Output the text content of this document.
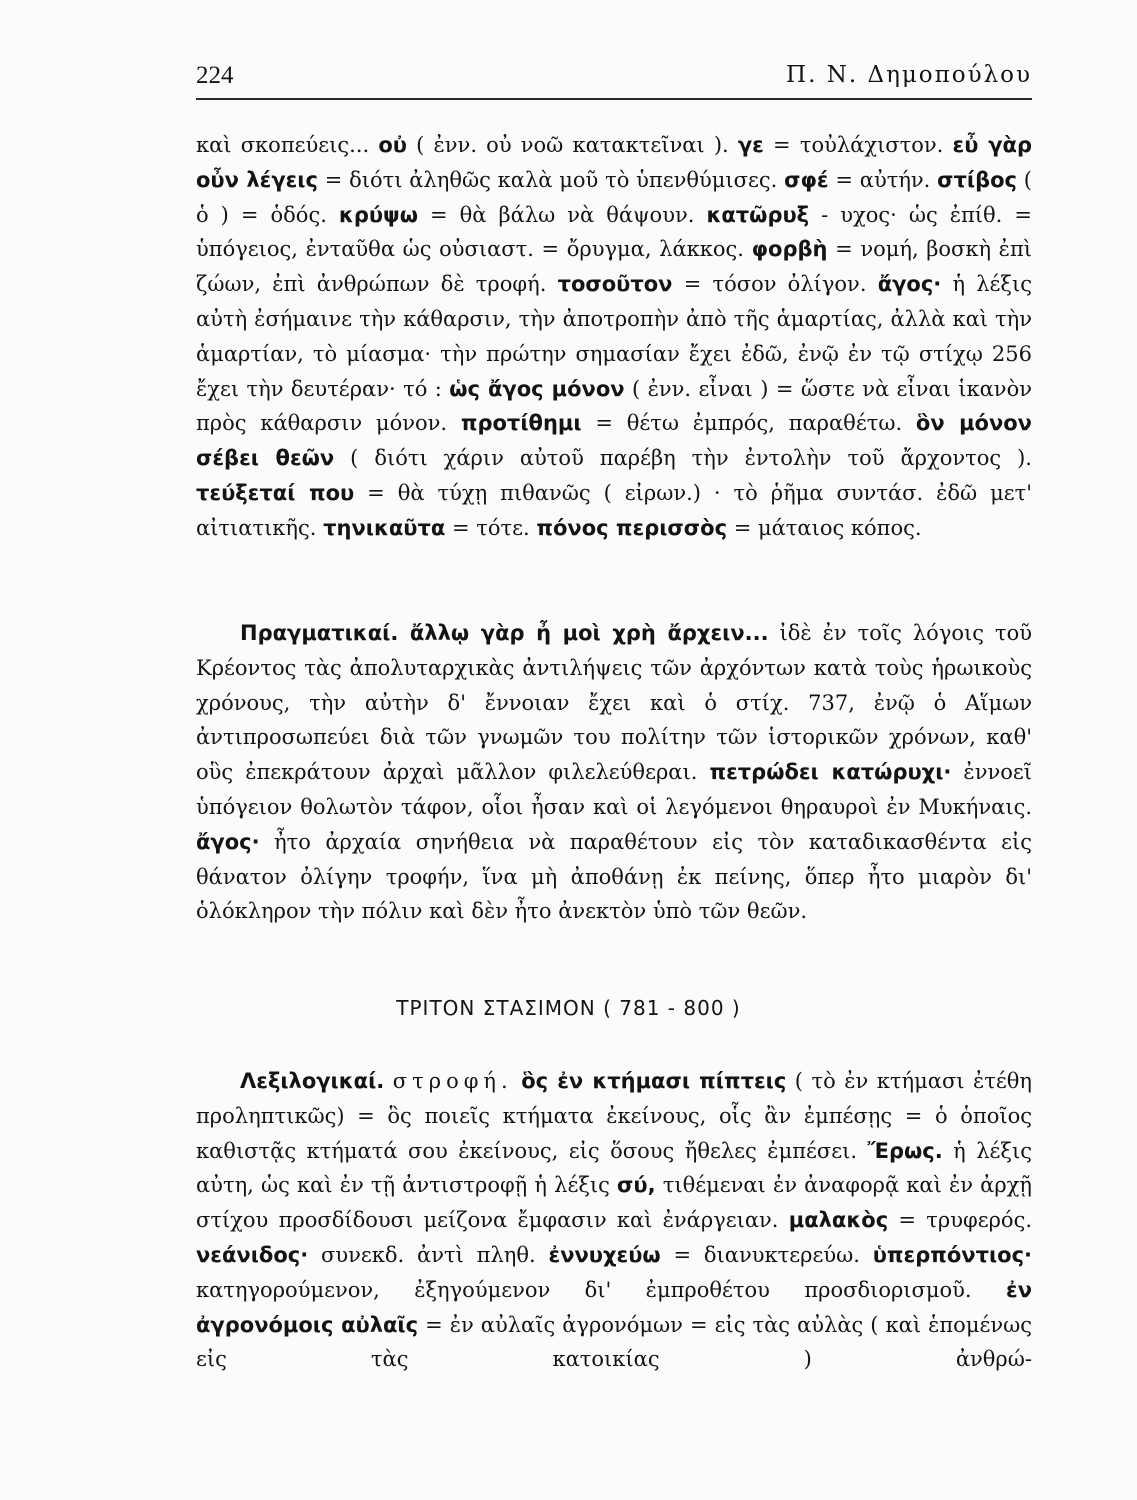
224	Π. Ν. Δημοπούλου

καὶ σκοπεύεις... οὐ ( ἐνν. οὐ νοῶ κατακτεῖναι ). γε = τοὐλάχιστον. εὖ γὰρ οὖν λέγεις = διότι ἀληθῶς καλὰ μοῦ τὸ ὑπενθύμισες. σφέ = αὐτήν. στίβος ( ὁ ) = ὁδός. κρύψω = θὰ βάλω νὰ θάψουν. κατῶρυξ - υχος· ὡς ἐπίθ. = ὑπόγειος, ἐνταῦθα ὡς οὐσιαστ. = ὄρυγμα, λάκκος. φορβὴ = νομή, βοσκὴ ἐπὶ ζώων, ἐπὶ ἀνθρώπων δὲ τροφή. τοσοῦτον = τόσον ὀλίγον. ἄγος· ἡ λέξις αὐτὴ ἐσήμαινε τὴν κάθαρσιν, τὴν ἀποτροπὴν ἀπὸ τῆς ἁμαρτίας, ἀλλὰ καὶ τὴν ἁμαρτίαν, τὸ μίασμα· τὴν πρώτην σημασίαν ἔχει ἐδῶ, ἐνῷ ἐν τῷ στίχῳ 256 ἔχει τὴν δευτέραν· τό : ὡς ἄγος μόνον ( ἐνν. εἶναι ) = ὥστε νὰ εἶναι ἱκανὸν πρὸς κάθαρσιν μόνον. προτίθημι = θέτω ἐμπρός, παραθέτω. ὃν μόνον σέβει θεῶν ( διότι χάριν αὐτοῦ παρέβη τὴν ἐντολὴν τοῦ ἄρχοντος ). τεύξεταί που = θὰ τύχῃ πιθανῶς ( εἰρων.) · τὸ ῥῆμα συντάσ. ἐδῶ μετ' αἰτιατικῆς. τηνικαῦτα = τότε. πόνος περισσὸς = μάταιος κόπος.

Πραγματικαί. ἄλλῳ γὰρ ἦ μοὶ χρὴ ἄρχειν... ἰδὲ ἐν τοῖς λόγοις τοῦ Κρέοντος τὰς ἀπολυταρχικὰς ἀντιλήψεις τῶν ἀρχόντων κατὰ τοὺς ἡρωικοὺς χρόνους, τὴν αὐτὴν δ' ἔννοιαν ἔχει καὶ ὁ στίχ. 737, ἐνῷ ὁ Αἵμων ἀντιπροσωπεύει διὰ τῶν γνωμῶν του πολίτην τῶν ἱστορικῶν χρόνων, καθ' οὓς ἐπεκράτουν ἀρχαὶ μᾶλλον φιλελεύθεραι. πετρώδει κατώρυχι· ἐννοεῖ ὑπόγειον θολωτὸν τάφον, οἷοι ἦσαν καὶ οἱ λεγόμενοι θηραυροὶ ἐν Μυκήναις. ἄγος· ἦτο ἀρχαία σηνήθεια νὰ παραθέτουν εἰς τὸν καταδικασθέντα εἰς θάνατον ὀλίγην τροφήν, ἵνα μὴ ἀποθάνῃ ἐκ πείνης, ὅπερ ἦτο μιαρὸν δι' ὁλόκληρον τὴν πόλιν καὶ δὲν ἦτο ἀνεκτὸν ὑπὸ τῶν θεῶν.

ΤΡΙΤΟΝ ΣΤΑΣΙΜΟΝ ( 781 - 800 )

Λεξιλογικαί. στροφή. ὃς ἐν κτήμασι πίπτεις ( τὸ ἐν κτήμασι ἐτέθη προληπτικῶς) = ὃς ποιεῖς κτήματα ἐκείνους, οἷς ἂν ἐμπέσῃς = ὁ ὁποῖος καθιστᾷς κτήματά σου ἐκείνους, εἰς ὅσους ἤθελες ἐμπέσει. Ἔρως. ἡ λέξις αὐτη, ὡς καὶ ἐν τῇ ἀντιστροφῇ ἡ λέξις σύ, τιθέμεναι ἐν ἀναφορᾷ καὶ ἐν ἀρχῇ στίχου προσδίδουσι μείζονα ἔμφασιν καὶ ἐνάργειαν. μαλακὸς = τρυφερός. νεάνιδος· συνεκδ. ἀντὶ πληθ. ἐννυχεύω = διανυκτερεύω. ὑπερπόντιος· κατηγορούμενον, ἐξηγούμενον δι' ἐμπροθέτου προσδιορισμοῦ. ἐν ἀγρονόμοις αὐλαῖς = ἐν αὐλαῖς ἀγρονόμων = εἰς τὰς αὐλὰς ( καὶ ἑπομένως εἰς τὰς κατοικίας ) ἀνθρώ-
